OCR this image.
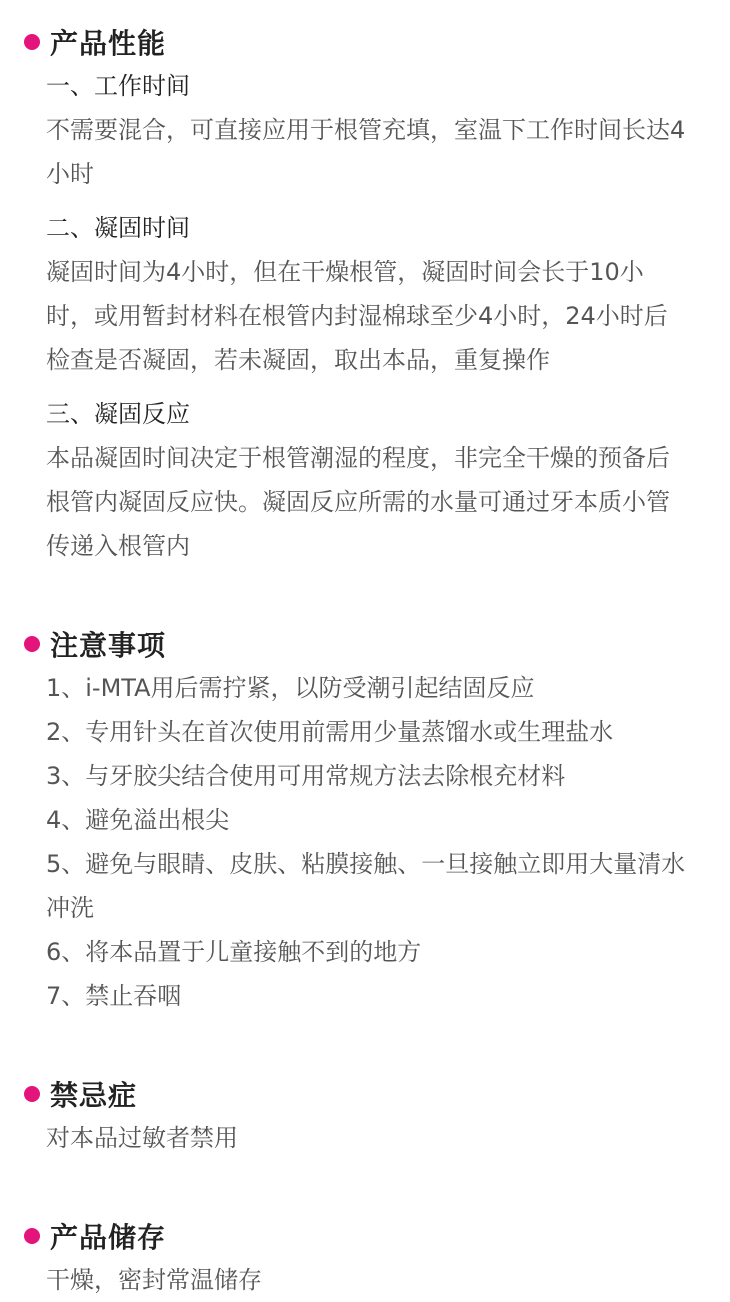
产品性能
一、工作时间

不需要混合，可直接应用于根管充填，室温下工作时间长达4小时

二、凝固时间

凝固时间为4小时，但在干燥根管，凝固时间会长于10小时，或用暂封材料在根管内封湿棉球至少4小时，24小时后检查是否凝固，若未凝固，取出本品，重复操作

三、凝固反应

本品凝固时间决定于根管潮湿的程度，非完全干燥的预备后根管内凝固反应快。凝固反应所需的水量可通过牙本质小管传递入根管内

注意事项
1、i-MTA用后需拧紧，以防受潮引起结固反应
2、专用针头在首次使用前需用少量蒸馏水或生理盐水
3、与牙胶尖结合使用可用常规方法去除根充材料
4、避免溢出根尖
5、避免与眼睛、皮肤、粘膜接触、一旦接触立即用大量清水冲洗
6、将本品置于儿童接触不到的地方
7、禁止吞咽
禁忌症

对本品过敏者禁用

产品储存

干燥，密封常温储存
